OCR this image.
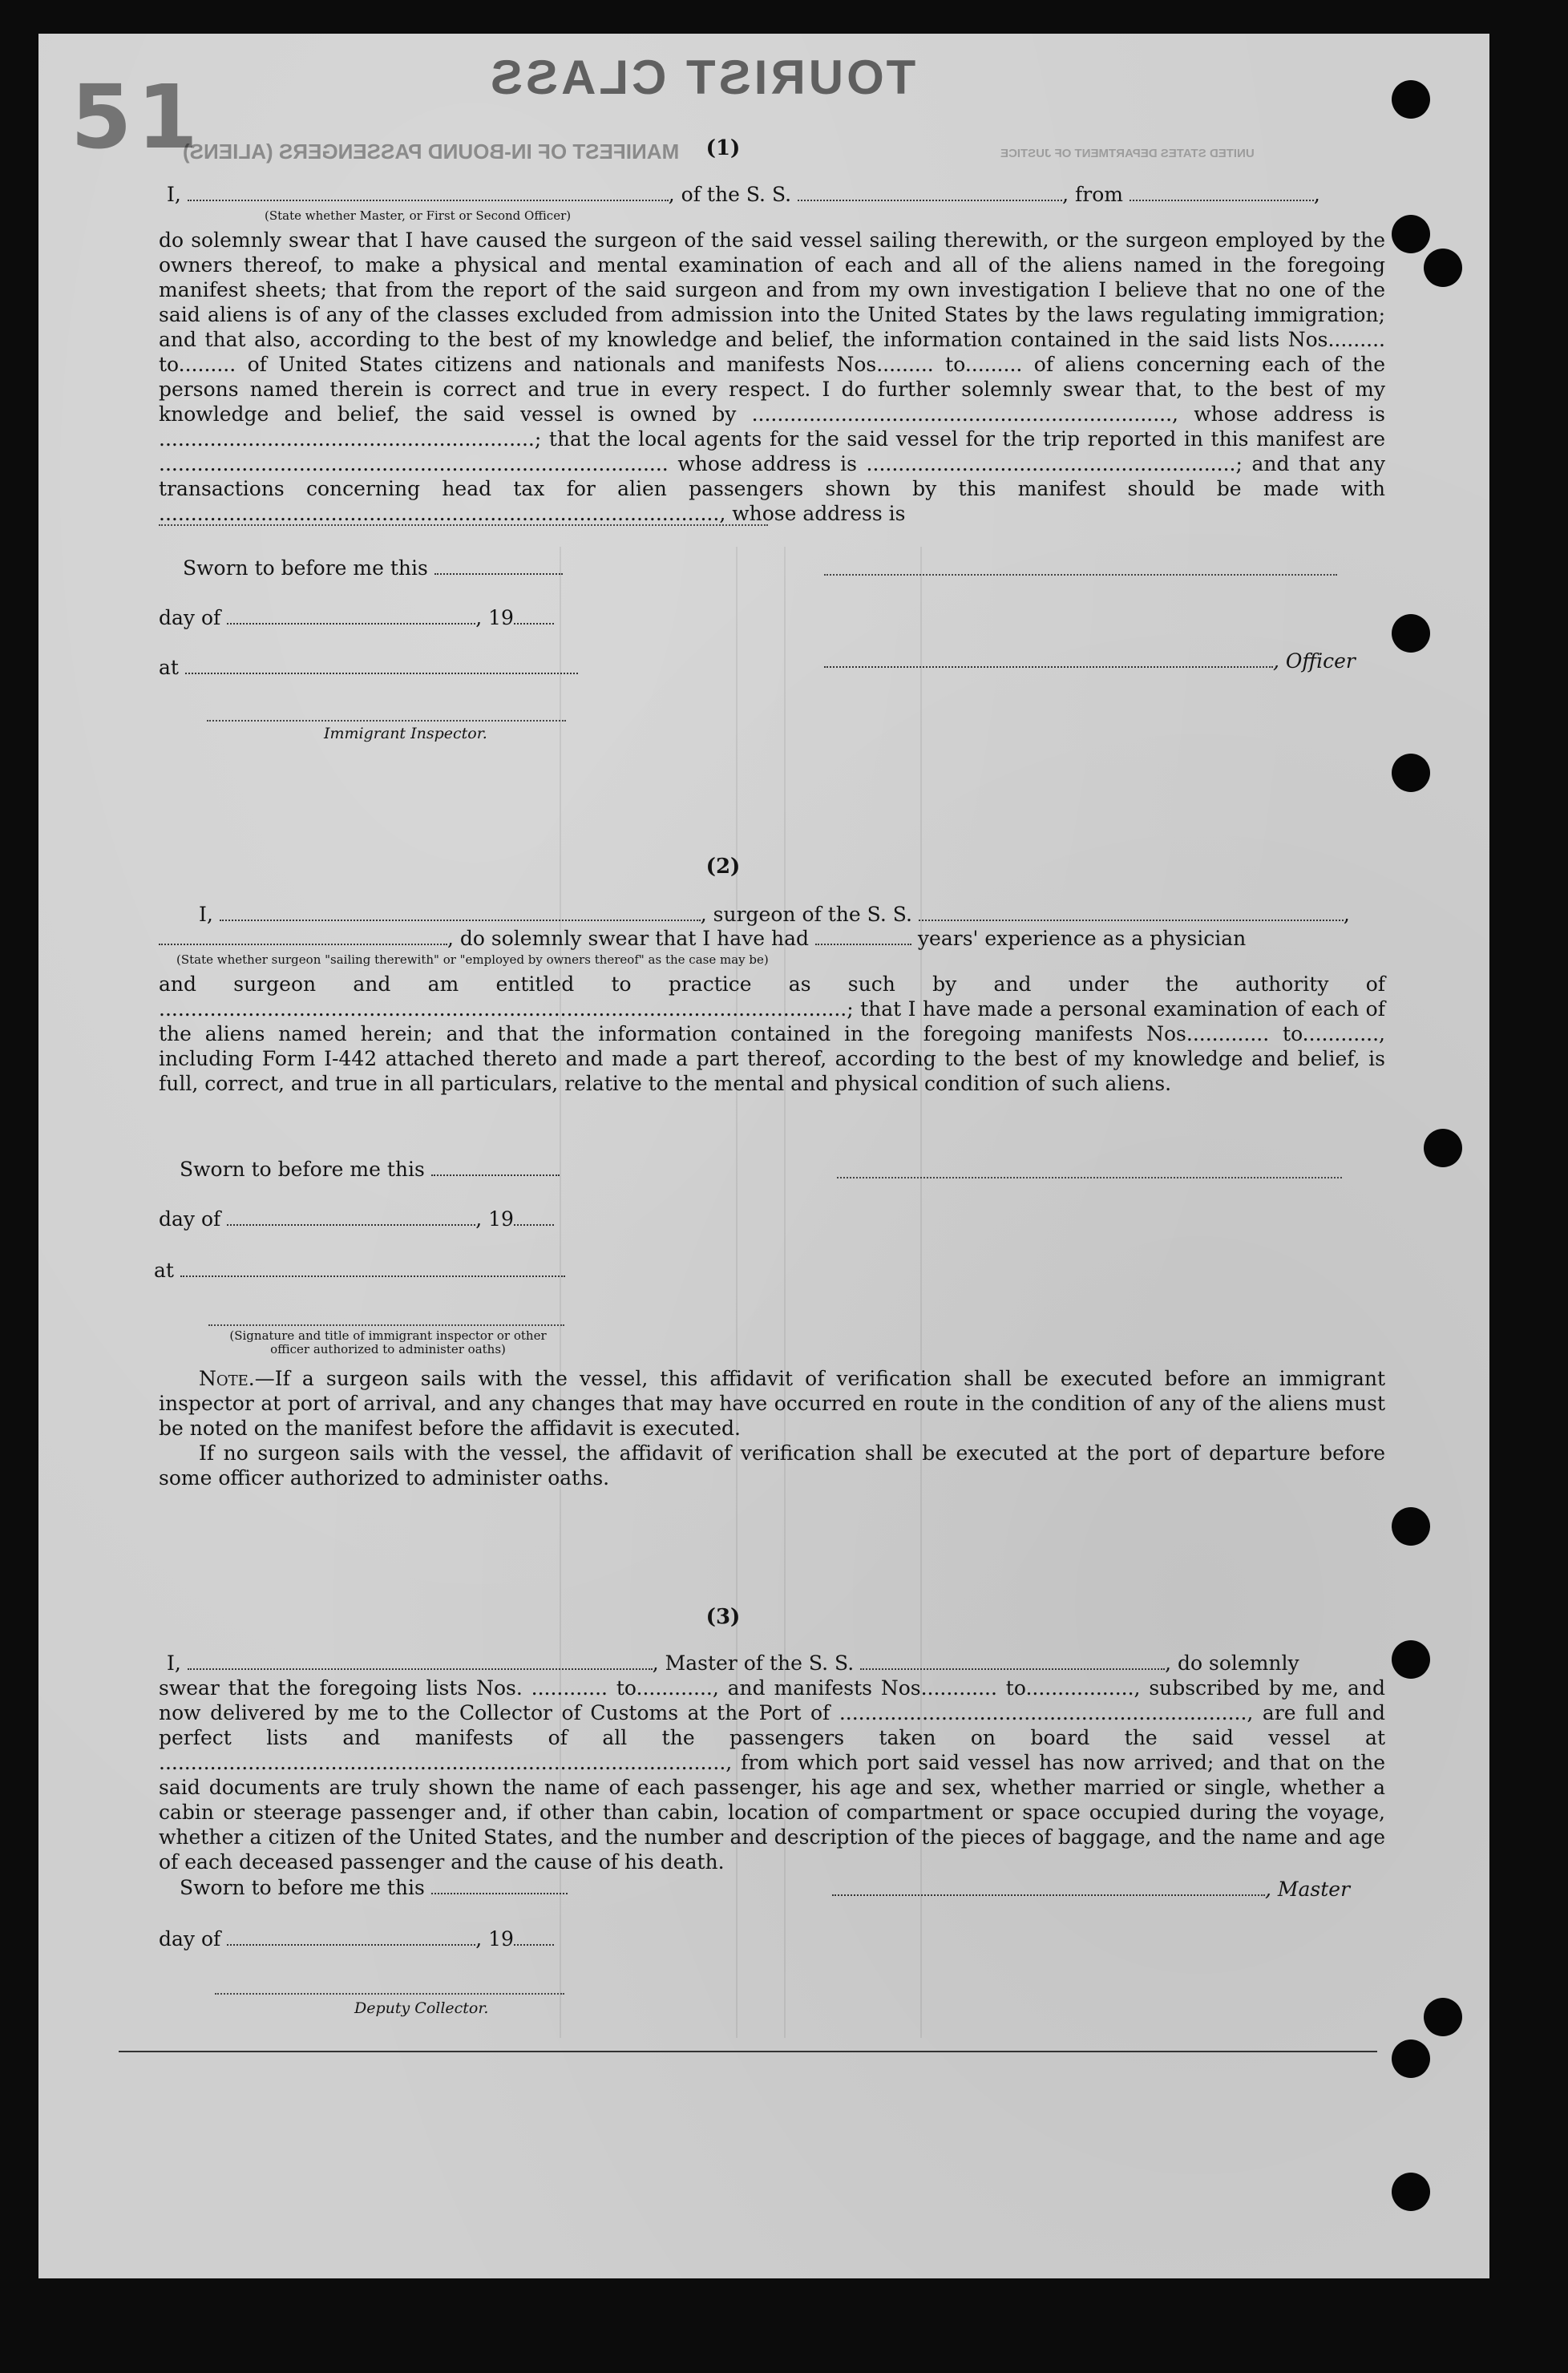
51	TOURIST CLASS
MANIFEST OF IN-BOUND PASSENGERS (ALIENS)	UNITED STATES DEPARTMENT OF JUSTICE
(1)
I,	, of the S. S.	, from	,
(State whether Master, or First or Second Officer)

do solemnly swear that I have caused the surgeon of the said vessel sailing therewith, or the surgeon employed by the owners thereof, to make a physical and mental examination of each and all of the aliens named in the foregoing manifest sheets; that from the report of the said surgeon and from my own investigation I believe that no one of the said aliens is of any of the classes excluded from admission into the United States by the laws regulating immigration; and that also, according to the best of my knowledge and belief, the information contained in the said lists Nos......... to......... of United States citizens and nationals and manifests Nos......... to......... of aliens concerning each of the persons named therein is correct and true in every respect. I do further solemnly swear that, to the best of my knowledge and belief, the said vessel is owned by .................................................................., whose address is ...........................................................; that the local agents for the said vessel for the trip reported in this manifest are ................................................................................ whose address is ..........................................................; and that any transactions concerning head tax for alien passengers shown by this manifest should be made with ........................................................................................, whose address is

Sworn to before me this
day of	, 19
, Officer
at
Immigrant Inspector.
(2)
I,	, surgeon of the S. S.	,
, do solemnly swear that I have had	years' experience as a physician
(State whether surgeon "sailing therewith" or "employed by owners thereof" as the case may be)

and surgeon and am entitled to practice as such by and under the authority of ............................................................................................................; that I have made a personal examination of each of the aliens named herein; and that the information contained in the foregoing manifests Nos............. to............, including Form I-442 attached thereto and made a part thereof, according to the best of my knowledge and belief, is full, correct, and true in all particulars, relative to the mental and physical condition of such aliens.

Sworn to before me this
day of	, 19
at
(Signature and title of immigrant inspector or other officer authorized to administer oaths)

Note.—If a surgeon sails with the vessel, this affidavit of verification shall be executed before an immigrant inspector at port of arrival, and any changes that may have occurred en route in the condition of any of the aliens must be noted on the manifest before the affidavit is executed.

If no surgeon sails with the vessel, the affidavit of verification shall be executed at the port of departure before some officer authorized to administer oaths.

(3)
I,	, Master of the S. S.	, do solemnly

swear that the foregoing lists Nos. ............ to............, and manifests Nos............ to................., subscribed by me, and now delivered by me to the Collector of Customs at the Port of ................................................................, are full and perfect lists and manifests of all the passengers taken on board the said vessel at ........................................................................................., from which port said vessel has now arrived; and that on the said documents are truly shown the name of each passenger, his age and sex, whether married or single, whether a cabin or steerage passenger and, if other than cabin, location of compartment or space occupied during the voyage, whether a citizen of the United States, and the number and description of the pieces of baggage, and the name and age of each deceased passenger and the cause of his death.

Sworn to before me this	, Master
day of	, 19
Deputy Collector.
